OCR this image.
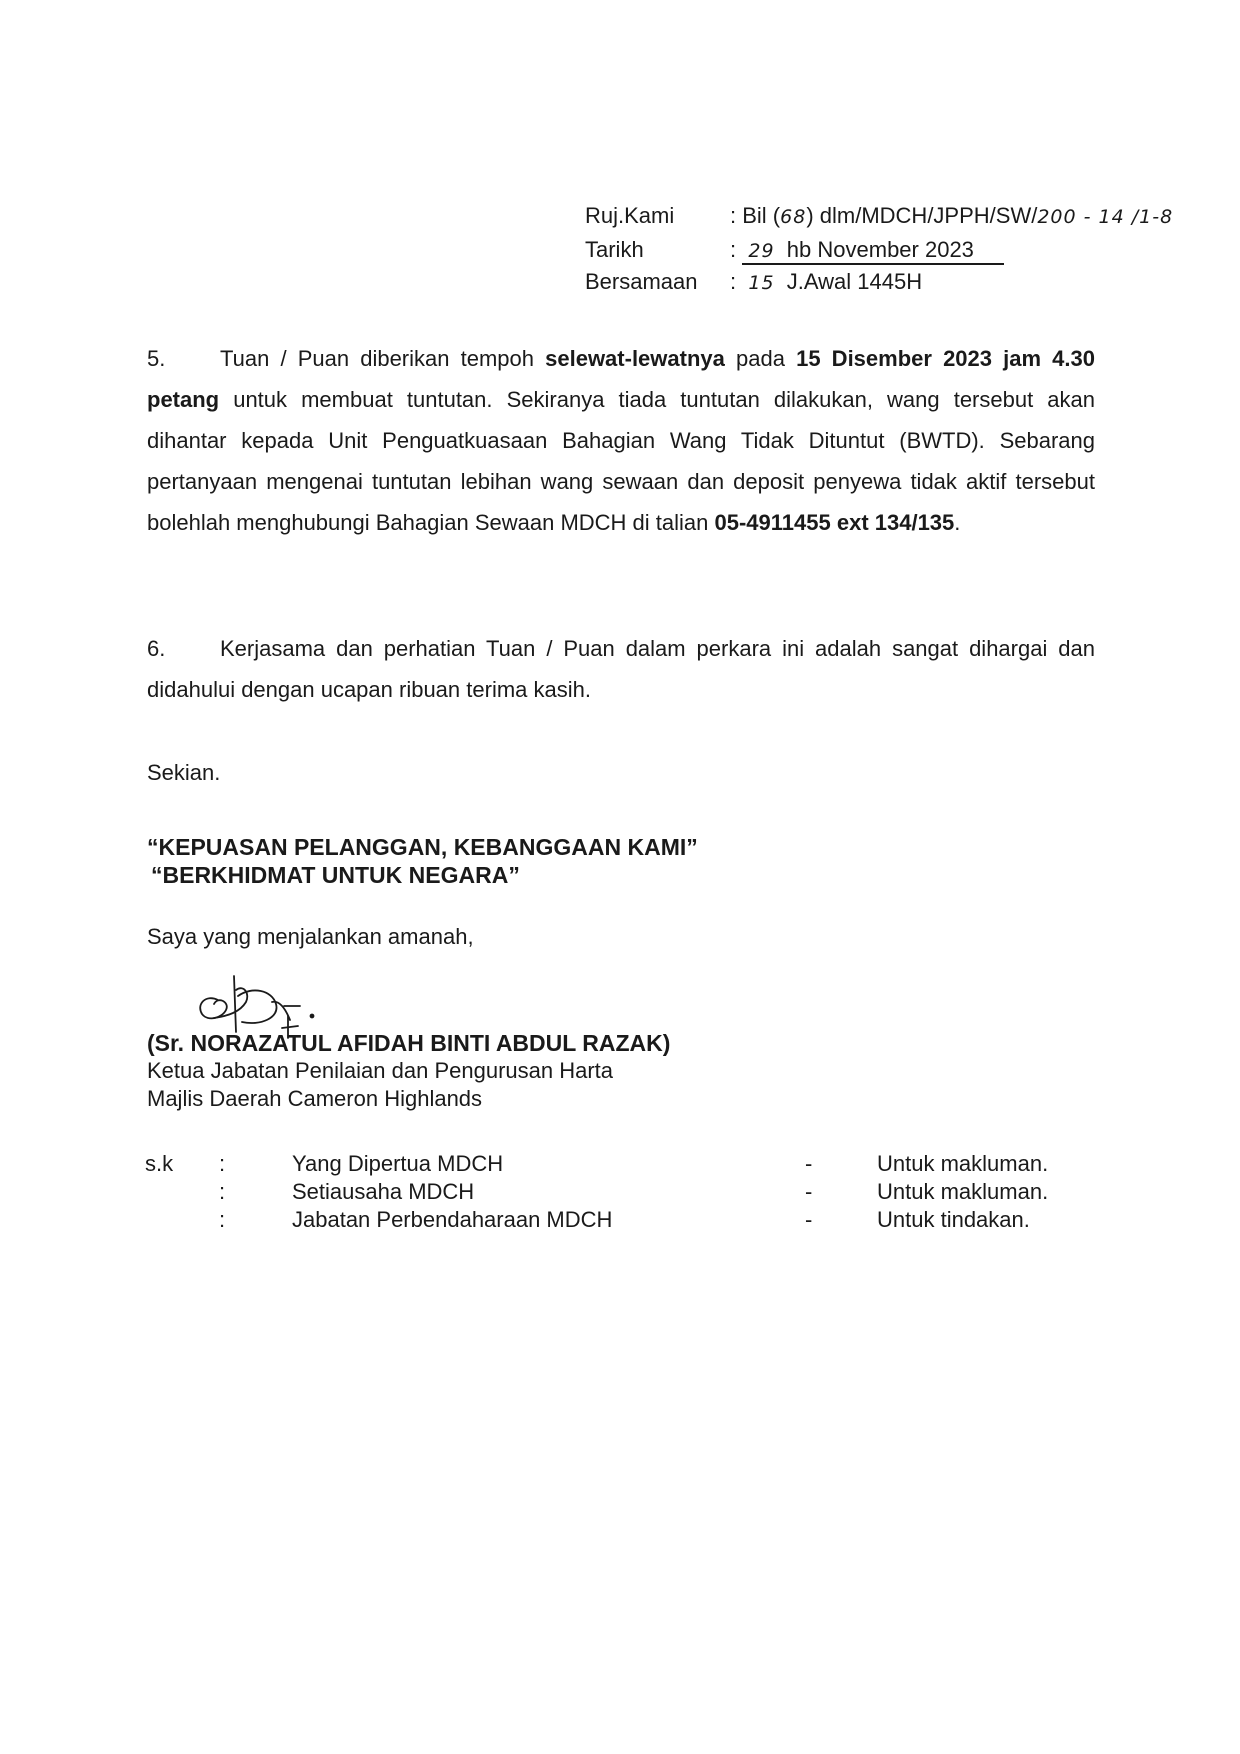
Ruj.Kami	: Bil (68) dlm/MDCH/JPPH/SW/200 - 14 /1-8
Tarikh	: 29 hb November 2023
Bersamaan : 15 J.Awal 1445H
5. Tuan / Puan diberikan tempoh selewat-lewatnya pada 15 Disember 2023 jam 4.30 petang untuk membuat tuntutan. Sekiranya tiada tuntutan dilakukan, wang tersebut akan dihantar kepada Unit Penguatkuasaan Bahagian Wang Tidak Dituntut (BWTD). Sebarang pertanyaan mengenai tuntutan lebihan wang sewaan dan deposit penyewa tidak aktif tersebut bolehlah menghubungi Bahagian Sewaan MDCH di talian 05-4911455 ext 134/135.
6. Kerjasama dan perhatian Tuan / Puan dalam perkara ini adalah sangat dihargai dan didahului dengan ucapan ribuan terima kasih.
Sekian.
“KEPUASAN PELANGGAN, KEBANGGAAN KAMI”
“BERKHIDMAT UNTUK NEGARA”
Saya yang menjalankan amanah,
(Sr. NORAZATUL AFIDAH BINTI ABDUL RAZAK)
Ketua Jabatan Penilaian dan Pengurusan Harta
Majlis Daerah Cameron Highlands
s.k :	Yang Dipertua MDCH	-	Untuk makluman.
:	Setiausaha MDCH	-	Untuk makluman.
:	Jabatan Perbendaharaan MDCH	-	Untuk tindakan.
